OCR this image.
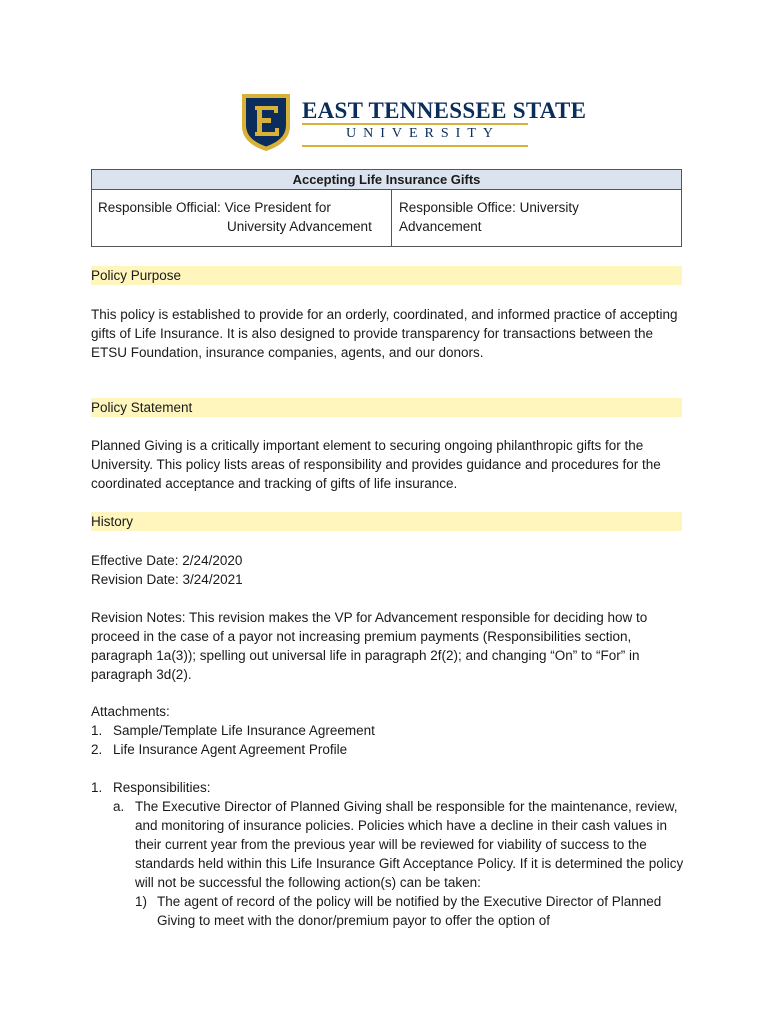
EAST TENNESSEE STATE
UNIVERSITY
Accepting Life Insurance Gifts
Responsible Official: Vice President for
University Advancement
Responsible Office: University
Advancement
Policy Purpose

This policy is established to provide for an orderly, coordinated, and informed practice of accepting gifts of Life Insurance. It is also designed to provide transparency for transactions between the ETSU Foundation, insurance companies, agents, and our donors.

Policy Statement

Planned Giving is a critically important element to securing ongoing philanthropic gifts for the University. This policy lists areas of responsibility and provides guidance and procedures for the coordinated acceptance and tracking of gifts of life insurance.

History

Effective Date: 2/24/2020

Revision Date: 3/24/2021

Revision Notes: This revision makes the VP for Advancement responsible for deciding how to proceed in the case of a payor not increasing premium payments (Responsibilities section, paragraph 1a(3)); spelling out universal life in paragraph 2f(2); and changing “On” to “For” in paragraph 3d(2).

Attachments:
1. Sample/Template Life Insurance Agreement
2. Life Insurance Agent Agreement Profile
1. Responsibilities:
a. The Executive Director of Planned Giving shall be responsible for the maintenance, review, and monitoring of insurance policies. Policies which have a decline in their cash values in their current year from the previous year will be reviewed for viability of success to the standards held within this Life Insurance Gift Acceptance Policy. If it is determined the policy will not be successful the following action(s) can be taken:
1) The agent of record of the policy will be notified by the Executive Director of Planned Giving to meet with the donor/premium payor to offer the option of
